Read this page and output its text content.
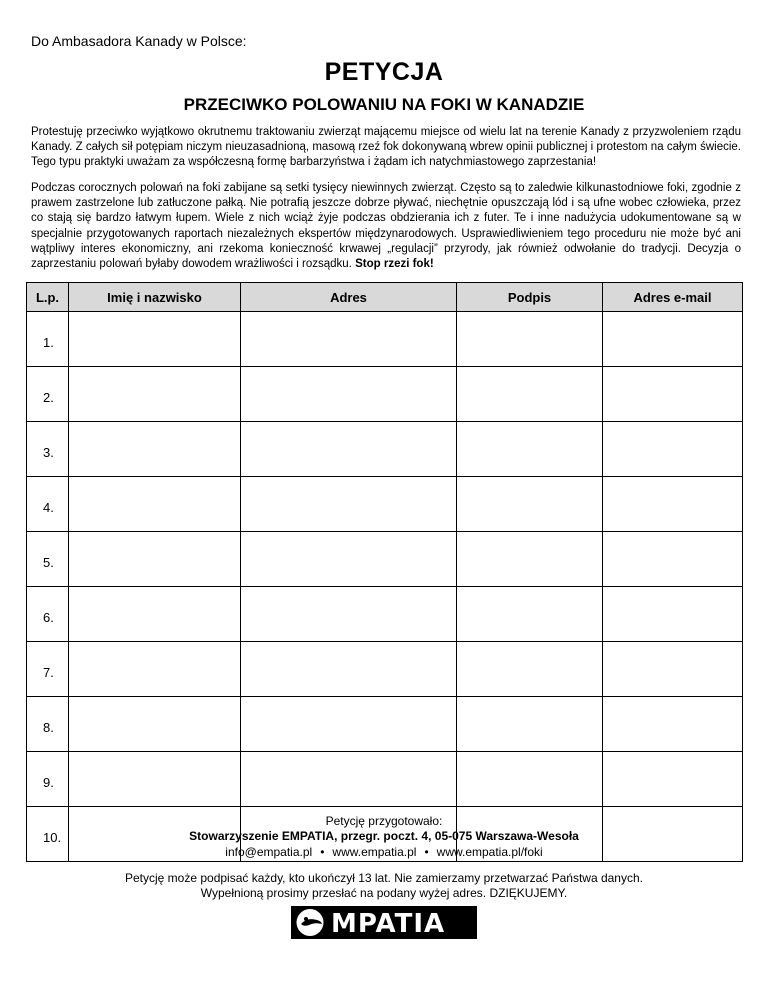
Do Ambasadora Kanady w Polsce:
PETYCJA
PRZECIWKO POLOWANIU NA FOKI W KANADZIE
Protestuję przeciwko wyjątkowo okrutnemu traktowaniu zwierząt mającemu miejsce od wielu lat na terenie Kanady z przyzwoleniem rządu Kanady. Z całych sił potępiam niczym nieuzasadnioną, masową rzeź fok dokonywaną wbrew opinii publicznej i protestom na całym świecie. Tego typu praktyki uważam za współczesną formę barbarzyństwa i żądam ich natychmiastowego zaprzestania!
Podczas corocznych polowań na foki zabijane są setki tysięcy niewinnych zwierząt. Często są to zaledwie kilkunastodniowe foki, zgodnie z prawem zastrzelone lub zatłuczone pałką. Nie potrafią jeszcze dobrze pływać, niechętnie opuszczają lód i są ufne wobec człowieka, przez co stają się bardzo łatwym łupem. Wiele z nich wciąż żyje podczas obdzierania ich z futer. Te i inne nadużycia udokumentowane są w specjalnie przygotowanych raportach niezależnych ekspertów międzynarodowych. Usprawiedliwieniem tego proceduru nie może być ani wątpliwy interes ekonomiczny, ani rzekoma konieczność krwawej „regulacji” przyrody, jak również odwołanie do tradycji. Decyzja o zaprzestaniu polowań byłaby dowodem wrażliwości i rozsądku. Stop rzezi fok!
L.p.	Imię i nazwisko	Adres	Podpis	Adres e-mail
1.				
2.				
3.				
4.				
5.				
6.				
7.				
8.				
9.				
10.				
Petycję przygotowało:
Stowarzyszenie EMPATIA, przegr. poczt. 4, 05-075 Warszawa-Wesoła
info@empatia.pl • www.empatia.pl • www.empatia.pl/foki
Petycję może podpisać każdy, kto ukończył 13 lat. Nie zamierzamy przetwarzać Państwa danych.
Wypełnioną prosimy przesłać na podany wyżej adres. DZIĘKUJEMY.
MPATIA
